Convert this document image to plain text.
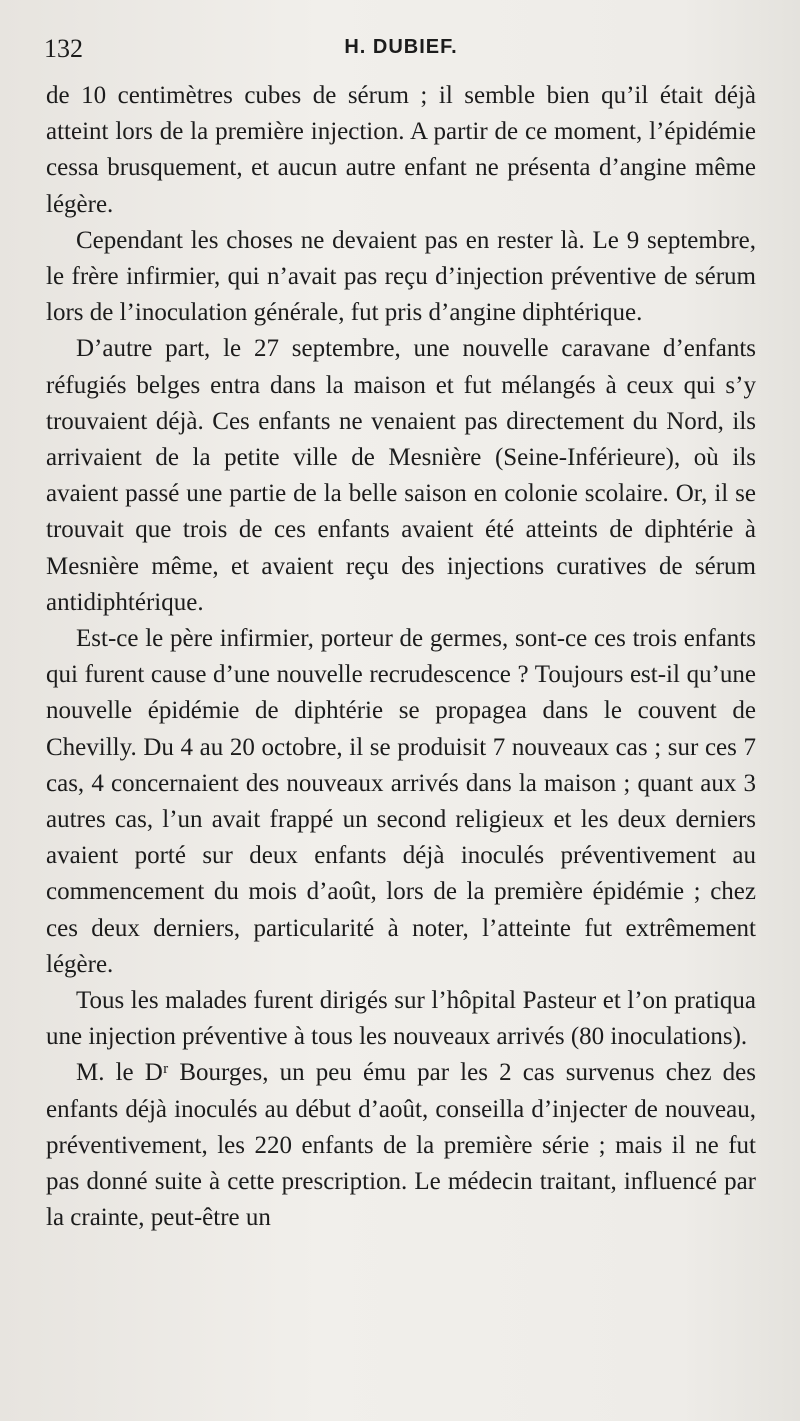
132	H. DUBIEF.

de 10 centimètres cubes de sérum ; il semble bien qu’il était déjà atteint lors de la première injection. A partir de ce moment, l’épidémie cessa brusquement, et aucun autre enfant ne présenta d’angine même légère.

Cependant les choses ne devaient pas en rester là. Le 9 septembre, le frère infirmier, qui n’avait pas reçu d’injection préventive de sérum lors de l’inoculation générale, fut pris d’angine diphtérique.

D’autre part, le 27 septembre, une nouvelle caravane d’enfants réfugiés belges entra dans la maison et fut mélangés à ceux qui s’y trouvaient déjà. Ces enfants ne venaient pas directement du Nord, ils arrivaient de la petite ville de Mesnière (Seine-Inférieure), où ils avaient passé une partie de la belle saison en colonie scolaire. Or, il se trouvait que trois de ces enfants avaient été atteints de diphtérie à Mesnière même, et avaient reçu des injections curatives de sérum antidiphtérique.

Est-ce le père infirmier, porteur de germes, sont-ce ces trois enfants qui furent cause d’une nouvelle recrudescence ? Toujours est-il qu’une nouvelle épidémie de diphtérie se propagea dans le couvent de Chevilly. Du 4 au 20 octobre, il se produisit 7 nouveaux cas ; sur ces 7 cas, 4 concernaient des nouveaux arrivés dans la maison ; quant aux 3 autres cas, l’un avait frappé un second religieux et les deux derniers avaient porté sur deux enfants déjà inoculés préventivement au commencement du mois d’août, lors de la première épidémie ; chez ces deux derniers, particularité à noter, l’atteinte fut extrêmement légère.

Tous les malades furent dirigés sur l’hôpital Pasteur et l’on pratiqua une injection préventive à tous les nouveaux arrivés (80 inoculations).

M. le Dʳ Bourges, un peu ému par les 2 cas survenus chez des enfants déjà inoculés au début d’août, conseilla d’injecter de nouveau, préventivement, les 220 enfants de la première série ; mais il ne fut pas donné suite à cette prescription. Le médecin traitant, influencé par la crainte, peut-être un
